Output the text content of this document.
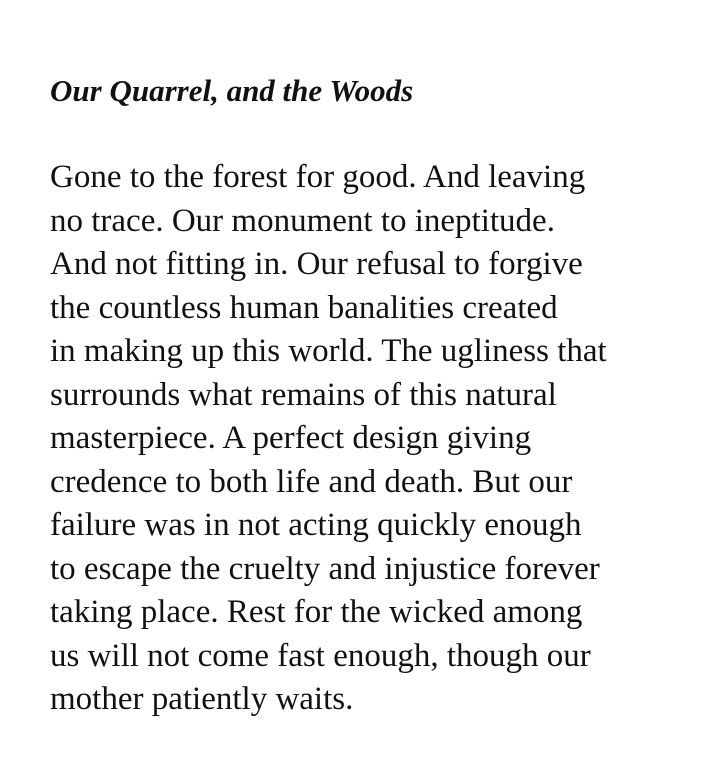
Our Quarrel, and the Woods
Gone to the forest for good. And leaving
no trace. Our monument to ineptitude.
And not fitting in. Our refusal to forgive
the countless human banalities created
in making up this world. The ugliness that
surrounds what remains of this natural
masterpiece. A perfect design giving
credence to both life and death. But our
failure was in not acting quickly enough
to escape the cruelty and injustice forever
taking place. Rest for the wicked among
us will not come fast enough, though our
mother patiently waits.
